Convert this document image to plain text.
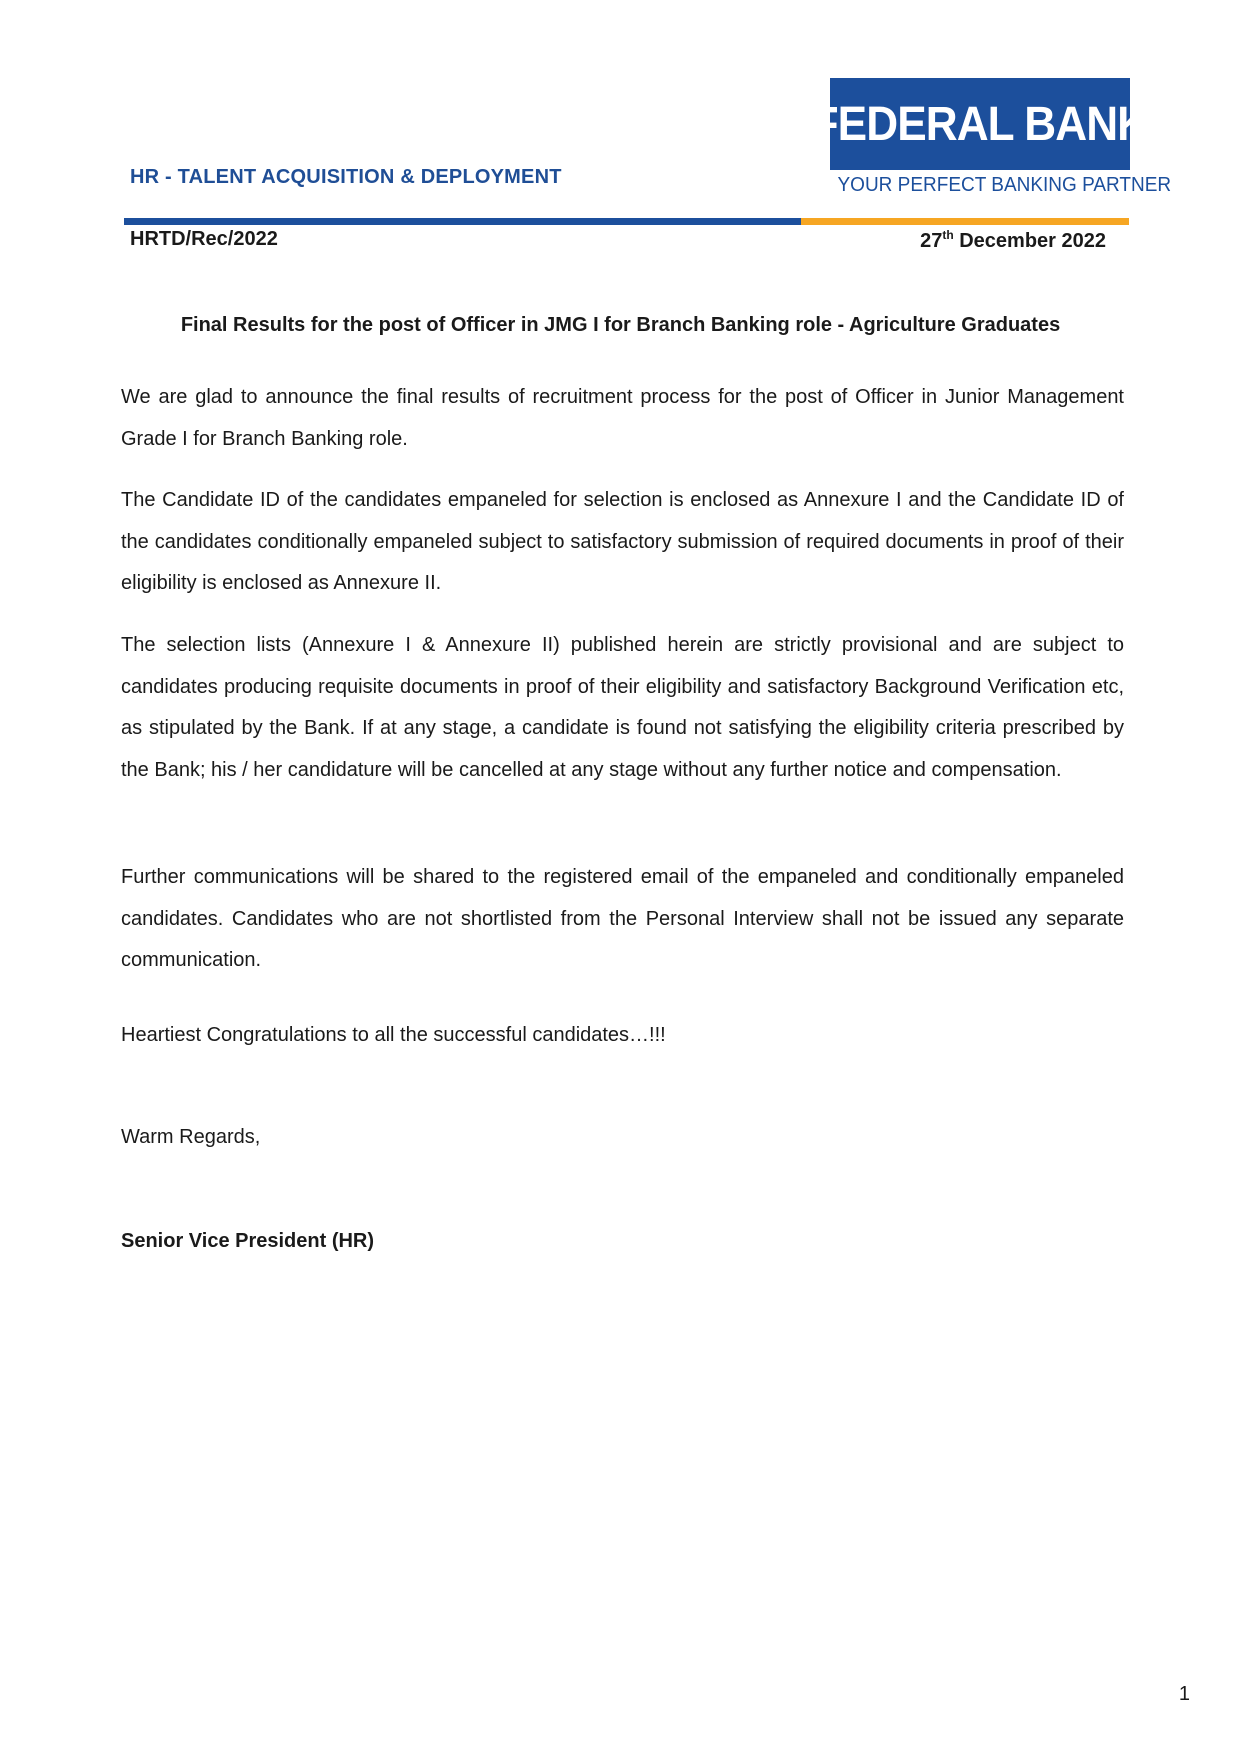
HR - TALENT ACQUISITION & DEPLOYMENT
FEDERAL BANK
YOUR PERFECT BANKING PARTNER
HRTD/Rec/2022	27th December 2022
Final Results for the post of Officer in JMG I for Branch Banking role - Agriculture Graduates
We are glad to announce the final results of recruitment process for the post of Officer in Junior Management Grade I for Branch Banking role.
The Candidate ID of the candidates empaneled for selection is enclosed as Annexure I and the Candidate ID of the candidates conditionally empaneled subject to satisfactory submission of required documents in proof of their eligibility is enclosed as Annexure II.
The selection lists (Annexure I & Annexure II) published herein are strictly provisional and are subject to candidates producing requisite documents in proof of their eligibility and satisfactory Background Verification etc, as stipulated by the Bank. If at any stage, a candidate is found not satisfying the eligibility criteria prescribed by the Bank; his / her candidature will be cancelled at any stage without any further notice and compensation.
Further communications will be shared to the registered email of the empaneled and conditionally empaneled candidates. Candidates who are not shortlisted from the Personal Interview shall not be issued any separate communication.
Heartiest Congratulations to all the successful candidates…!!!
Warm Regards,
Senior Vice President (HR)
1
